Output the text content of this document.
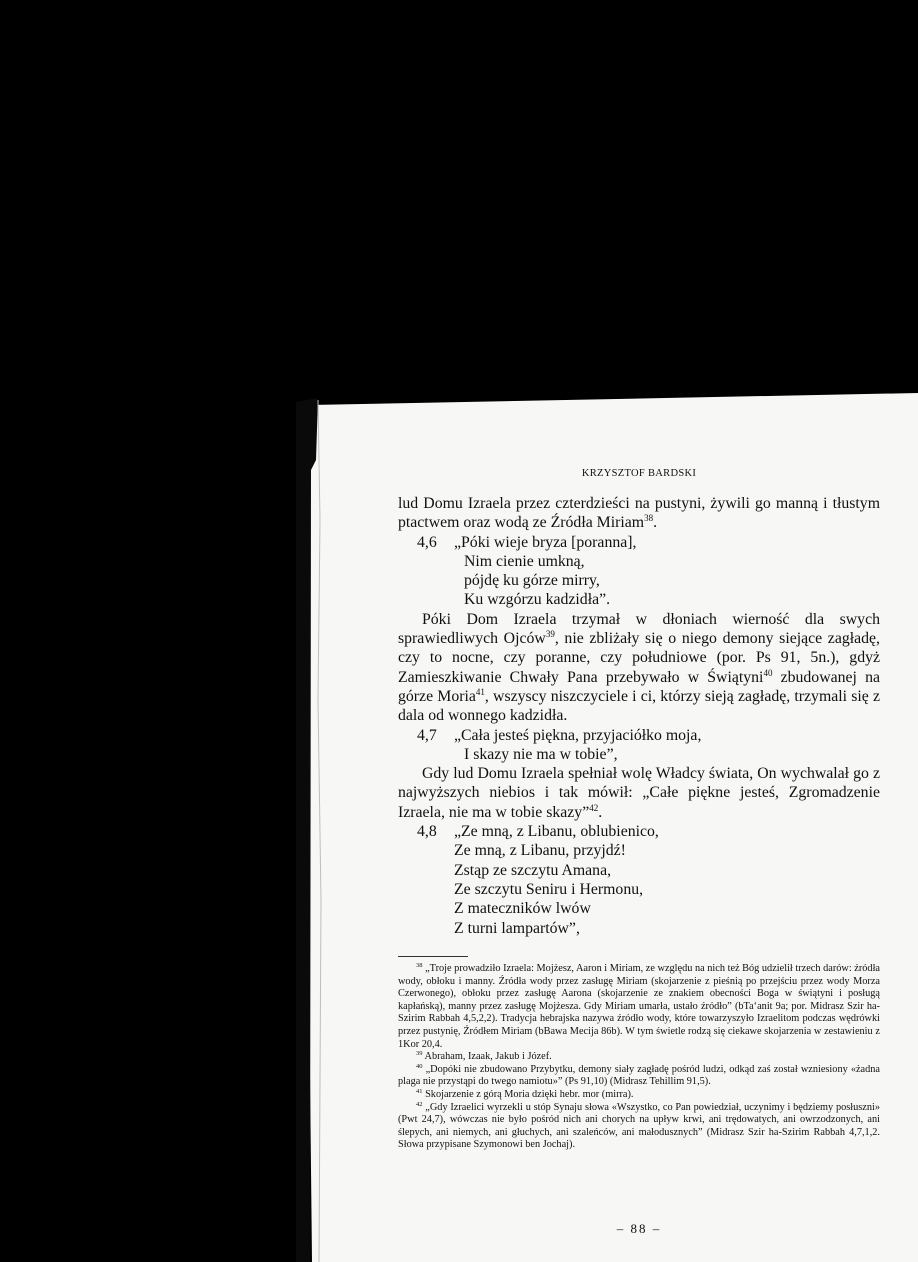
KRZYSZTOF BARDSKI

lud Domu Izraela przez czterdzieści na pustyni, żywili go manną i tłustym ptactwem oraz wodą ze Źródła Miriam$^{38}$.

4,6 „Póki wieje bryza [poranna],
Nim cienie umkną,
pójdę ku górze mirry,
Ku wzgórzu kadzidła”.

Póki Dom Izraela trzymał w dłoniach wierność dla swych sprawiedliwych Ojców$^{39}$, nie zbliżały się o niego demony siejące zagładę, czy to nocne, czy poranne, czy południowe (por. Ps 91, 5n.), gdyż Zamieszkiwanie Chwały Pana przebywało w Świątyni$^{40}$ zbudowanej na górze Moria$^{41}$, wszyscy niszczyciele i ci, którzy sieją zagładę, trzymali się z dala od wonnego kadzidła.

4,7 „Cała jesteś piękna, przyjaciółko moja,
I skazy nie ma w tobie”,

Gdy lud Domu Izraela spełniał wolę Władcy świata, On wychwalał go z najwyższych niebios i tak mówił: „Całe piękne jesteś, Zgromadzenie Izraela, nie ma w tobie skazy”$^{42}$.

4,8 „Ze mną, z Libanu, oblubienico,
Ze mną, z Libanu, przyjdź!
Zstąp ze szczytu Amana,
Ze szczytu Seniru i Hermonu,
Z mateczników lwów
Z turni lampartów”,

$^{38}$ „Troje prowadziło Izraela: Mojżesz, Aaron i Miriam, ze względu na nich też Bóg udzielił trzech darów: źródła wody, obłoku i manny. Źródła wody przez zasługę Miriam (skojarzenie z pieśnią po przejściu przez wody Morza Czerwonego), obłoku przez zasługę Aarona (skojarzenie ze znakiem obecności Boga w świątyni i posługą kapłańską), manny przez zasługę Mojżesza. Gdy Miriam umarła, ustało źródło” (bTa‘anit 9a; por. Midrasz Szir ha-Szirim Rabbah 4,5,2,2). Tradycja hebrajska nazywa źródło wody, które towarzyszyło Izraelitom podczas wędrówki przez pustynię, Źródłem Miriam (bBawa Mecija 86b). W tym świetle rodzą się ciekawe skojarzenia w zestawieniu z 1Kor 20,4.

$^{39}$ Abraham, Izaak, Jakub i Józef.

$^{40}$ „Dopóki nie zbudowano Przybytku, demony siały zagładę pośród ludzi, odkąd zaś został wzniesiony «żadna plaga nie przystąpi do twego namiotu»” (Ps 91,10) (Midrasz Tehillim 91,5).

$^{41}$ Skojarzenie z górą Moria dzięki hebr. mor (mirra).

$^{42}$ „Gdy Izraelici wyrzekli u stóp Synaju słowa «Wszystko, co Pan powiedział, uczynimy i będziemy posłuszni» (Pwt 24,7), wówczas nie było pośród nich ani chorych na upływ krwi, ani trędowatych, ani owrzodzonych, ani ślepych, ani niemych, ani głuchych, ani szaleńców, ani małodusznych” (Midrasz Szir ha-Szirim Rabbah 4,7,1,2. Słowa przypisane Szymonowi ben Jochaj).

– 88 –
